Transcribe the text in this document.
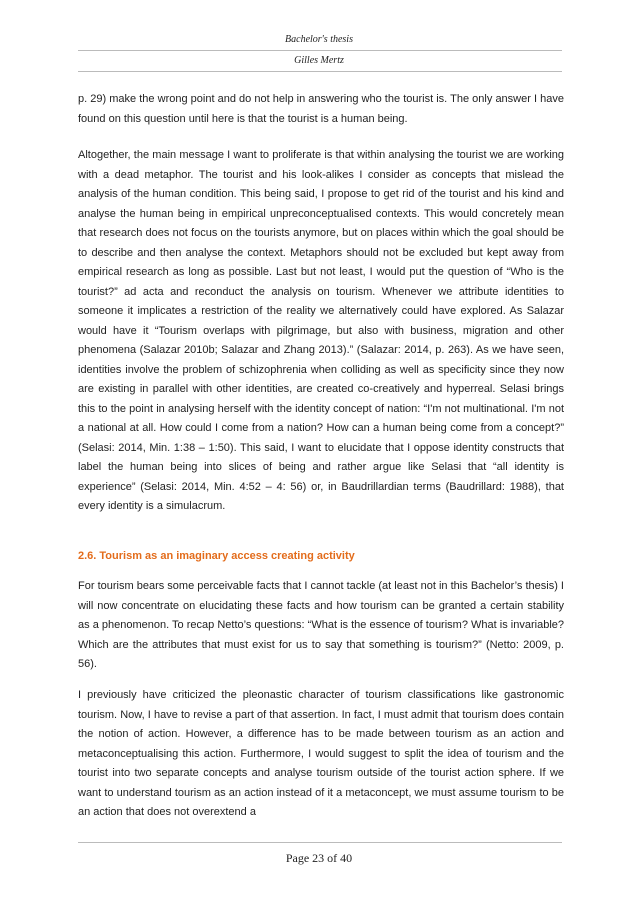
Bachelor's thesis
Gilles Mertz

p. 29) make the wrong point and do not help in answering who the tourist is. The only answer I have found on this question until here is that the tourist is a human being.

Altogether, the main message I want to proliferate is that within analysing the tourist we are working with a dead metaphor. The tourist and his look-alikes I consider as concepts that mislead the analysis of the human condition. This being said, I propose to get rid of the tourist and his kind and analyse the human being in empirical unpreconceptualised contexts. This would concretely mean that research does not focus on the tourists anymore, but on places within which the goal should be to describe and then analyse the context. Metaphors should not be excluded but kept away from empirical research as long as possible. Last but not least, I would put the question of “Who is the tourist?” ad acta and reconduct the analysis on tourism. Whenever we attribute identities to someone it implicates a restriction of the reality we alternatively could have explored. As Salazar would have it “Tourism overlaps with pilgrimage, but also with business, migration and other phenomena (Salazar 2010b; Salazar and Zhang 2013).” (Salazar: 2014, p. 263). As we have seen, identities involve the problem of schizophrenia when colliding as well as specificity since they now are existing in parallel with other identities, are created co-creatively and hyperreal. Selasi brings this to the point in analysing herself with the identity concept of nation: “I'm not multinational. I'm not a national at all. How could I come from a nation? How can a human being come from a concept?” (Selasi: 2014, Min. 1:38 – 1:50). This said, I want to elucidate that I oppose identity constructs that label the human being into slices of being and rather argue like Selasi that “all identity is experience” (Selasi: 2014, Min. 4:52 – 4: 56) or, in Baudrillardian terms (Baudrillard: 1988), that every identity is a simulacrum.

2.6. Tourism as an imaginary access creating activity

For tourism bears some perceivable facts that I cannot tackle (at least not in this Bachelor’s thesis) I will now concentrate on elucidating these facts and how tourism can be granted a certain stability as a phenomenon. To recap Netto’s questions: “What is the essence of tourism? What is invariable? Which are the attributes that must exist for us to say that something is tourism?” (Netto: 2009, p. 56).

I previously have criticized the pleonastic character of tourism classifications like gastronomic tourism. Now, I have to revise a part of that assertion. In fact, I must admit that tourism does contain the notion of action. However, a difference has to be made between tourism as an action and metaconceptualising this action. Furthermore, I would suggest to split the idea of tourism and the tourist into two separate concepts and analyse tourism outside of the tourist action sphere. If we want to understand tourism as an action instead of it a metaconcept, we must assume tourism to be an action that does not overextend a

Page 23 of 40
